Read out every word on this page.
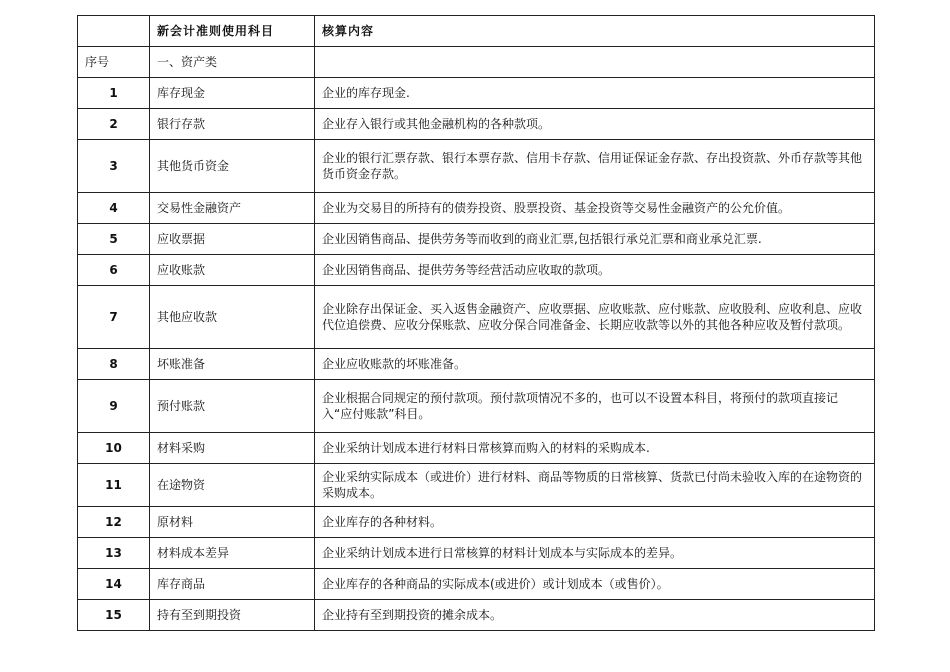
	新会计准则使用科目	核算内容
序号	一、资产类	
1	库存现金	企业的库存现金.
2	银行存款	企业存入银行或其他金融机构的各种款项。
3	其他货币资金	企业的银行汇票存款、银行本票存款、信用卡存款、信用证保证金存款、存出投资款、外币存款等其他货币资金存款。
4	交易性金融资产	企业为交易目的所持有的债券投资、股票投资、基金投资等交易性金融资产的公允价值。
5	应收票据	企业因销售商品、提供劳务等而收到的商业汇票,包括银行承兑汇票和商业承兑汇票.
6	应收账款	企业因销售商品、提供劳务等经营活动应收取的款项。
7	其他应收款	企业除存出保证金、买入返售金融资产、应收票据、应收账款、应付账款、应收股利、应收利息、应收代位追偿费、应收分保账款、应收分保合同准备金、长期应收款等以外的其他各种应收及暂付款项。
8	坏账准备	企业应收账款的坏账准备。
9	预付账款	企业根据合同规定的预付款项。预付款项情况不多的，也可以不设置本科目，将预付的款项直接记入“应付账款”科目。
10	材料采购	企业采纳计划成本进行材料日常核算而购入的材料的采购成本.
11	在途物资	企业采纳实际成本（或进价）进行材料、商品等物质的日常核算、货款已付尚未验收入库的在途物资的采购成本。
12	原材料	企业库存的各种材料。
13	材料成本差异	企业采纳计划成本进行日常核算的材料计划成本与实际成本的差异。
14	库存商品	企业库存的各种商品的实际成本(或进价）或计划成本（或售价）。
15	持有至到期投资	企业持有至到期投资的摊余成本。
